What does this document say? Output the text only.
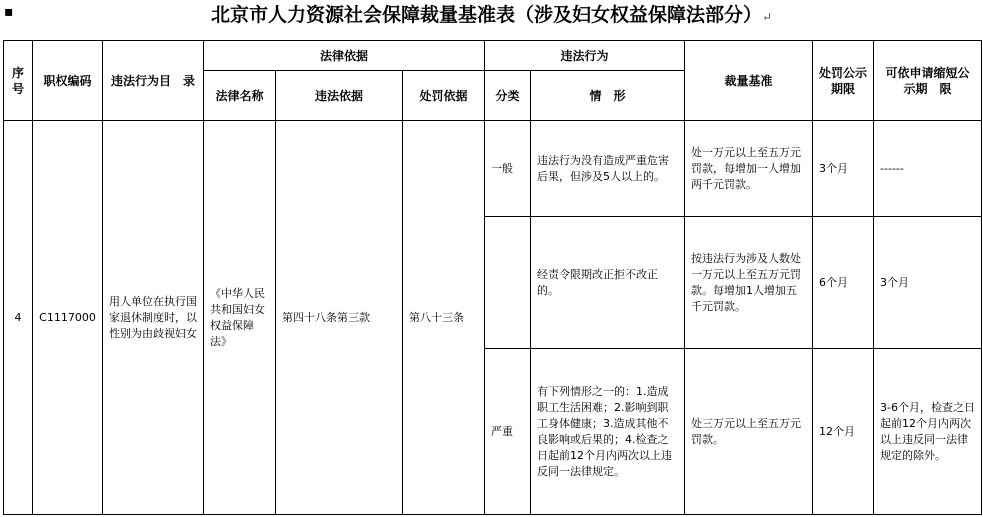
▪	北京市人力资源社会保障裁量基准表（涉及妇女权益保障法部分）↵
序号	职权编码	违法行为目　录	法律依据			违法行为		裁量基准	处罚公示期限	可依申请缩短公示期　限
			法律名称	违法依据	处罚依据	分类	情　形			
4	C1117000	用人单位在执行国家退休制度时，以性别为由歧视妇女	《中华人民共和国妇女权益保障法》	第四十八条第三款	第八十三条	一般	违法行为没有造成严重危害后果，但涉及5人以上的。	处一万元以上至五万元罚款，每增加一人增加两千元罚款。	3个月	------
							经责令限期改正拒不改正的。	按违法行为涉及人数处一万元以上至五万元罚款。每增加1人增加五千元罚款。	6个月	3个月
						严重	有下列情形之一的：1.造成职工生活困难；2.影响到职工身体健康；3.造成其他不良影响或后果的；4.检查之日起前12个月内两次以上违反同一法律规定。	处三万元以上至五万元罚款。	12个月	3-6个月，检查之日起前12个月内两次以上违反同一法律规定的除外。
